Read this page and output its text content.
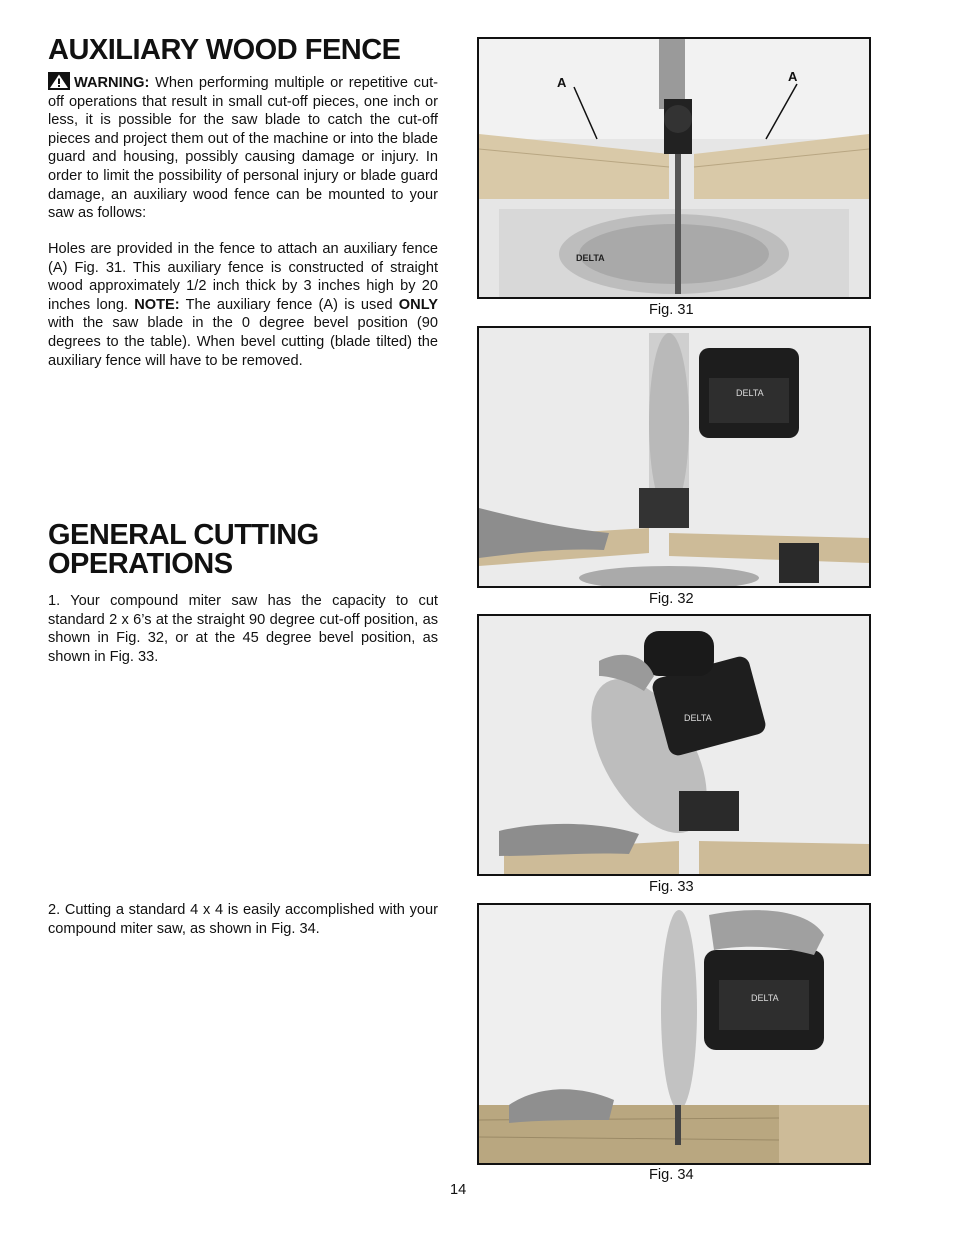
AUXILIARY WOOD FENCE

WARNING: When performing multiple or repetitive cut-off operations that result in small cut-off pieces, one inch or less, it is possible for the saw blade to catch the cut-off pieces and project them out of the machine or into the blade guard and housing, possibly causing damage or injury. In order to limit the possibility of personal injury or blade guard damage, an auxiliary wood fence can be mounted to your saw as follows:

Holes are provided in the fence to attach an auxiliary fence (A) Fig. 31. This auxiliary fence is constructed of straight wood approximately 1/2 inch thick by 3 inches high by 20 inches long. NOTE: The auxiliary fence (A) is used ONLY with the saw blade in the 0 degree bevel position (90 degrees to the table). When bevel cutting (blade tilted) the auxiliary fence will have to be removed.

GENERAL CUTTING
OPERATIONS

1. Your compound miter saw has the capacity to cut standard 2 x 6’s at the straight 90 degree cut-off position, as shown in Fig. 32, or at the 45 degree bevel position, as shown in Fig. 33.

2. Cutting a standard 4 x 4 is easily accomplished with your compound miter saw, as shown in Fig. 34.

DELTA
A	A
Fig. 31
DELTA
Fig. 32
DELTA
Fig. 33
DELTA
Fig. 34
14
